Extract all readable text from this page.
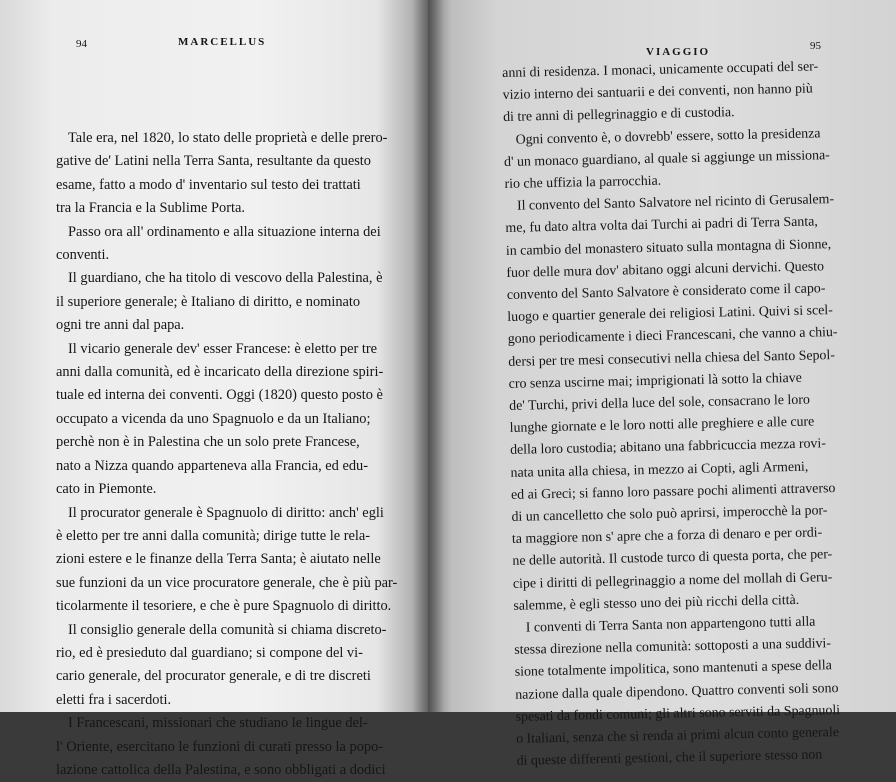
94	MARCELLUS
VIAGGIO	95
Tale era, nel 1820, lo stato delle proprietà e delle prero-
gative de' Latini nella Terra Santa, resultante da questo
esame, fatto a modo d' inventario sul testo dei trattati
tra la Francia e la Sublime Porta.
Passo ora all' ordinamento e alla situazione interna dei
conventi.
Il guardiano, che ha titolo di vescovo della Palestina, è
il superiore generale; è Italiano di diritto, e nominato
ogni tre anni dal papa.
Il vicario generale dev' esser Francese: è eletto per tre
anni dalla comunità, ed è incaricato della direzione spiri-
tuale ed interna dei conventi. Oggi (1820) questo posto è
occupato a vicenda da uno Spagnuolo e da un Italiano;
perchè non è in Palestina che un solo prete Francese,
nato a Nizza quando apparteneva alla Francia, ed edu-
cato in Piemonte.
Il procurator generale è Spagnuolo di diritto: anch' egli
è eletto per tre anni dalla comunità; dirige tutte le rela-
zioni estere e le finanze della Terra Santa; è aiutato nelle
sue funzioni da un vice procuratore generale, che è più par-
ticolarmente il tesoriere, e che è pure Spagnuolo di diritto.
Il consiglio generale della comunità si chiama discreto-
rio, ed è presieduto dal guardiano; si compone del vi-
cario generale, del procurator generale, e di tre discreti
eletti fra i sacerdoti.
I Francescani, missionari che studiano le lingue del-
l' Oriente, esercitano le funzioni di curati presso la popo-
lazione cattolica della Palestina, e sono obbligati a dodici
anni di residenza. I monaci, unicamente occupati del ser-
vizio interno dei santuarii e dei conventi, non hanno più
di tre anni di pellegrinaggio e di custodia.
Ogni convento è, o dovrebb' essere, sotto la presidenza
d' un monaco guardiano, al quale si aggiunge un missiona-
rio che uffizia la parrocchia.
Il convento del Santo Salvatore nel ricinto di Gerusalem-
me, fu dato altra volta dai Turchi ai padri di Terra Santa,
in cambio del monastero situato sulla montagna di Sionne,
fuor delle mura dov' abitano oggi alcuni dervichi. Questo
convento del Santo Salvatore è considerato come il capo-
luogo e quartier generale dei religiosi Latini. Quivi si scel-
gono periodicamente i dieci Francescani, che vanno a chiu-
dersi per tre mesi consecutivi nella chiesa del Santo Sepol-
cro senza uscirne mai; imprigionati là sotto la chiave
de' Turchi, privi della luce del sole, consacrano le loro
lunghe giornate e le loro notti alle preghiere e alle cure
della loro custodia; abitano una fabbricuccia mezza rovi-
nata unita alla chiesa, in mezzo ai Copti, agli Armeni,
ed ai Greci; si fanno loro passare pochi alimenti attraverso
di un cancelletto che solo può aprirsi, imperocchè la por-
ta maggiore non s' apre che a forza di denaro e per ordi-
ne delle autorità. Il custode turco di questa porta, che per-
cipe i diritti di pellegrinaggio a nome del mollah di Geru-
salemme, è egli stesso uno dei più ricchi della città.
I conventi di Terra Santa non appartengono tutti alla
stessa direzione nella comunità: sottoposti a una suddivi-
sione totalmente impolitica, sono mantenuti a spese della
nazione dalla quale dipendono. Quattro conventi soli sono
spesati da fondi comuni; gli altri sono serviti da Spagnuoli
o Italiani, senza che si renda ai primi alcun conto generale
di queste differenti gestioni, che il superiore stesso non
